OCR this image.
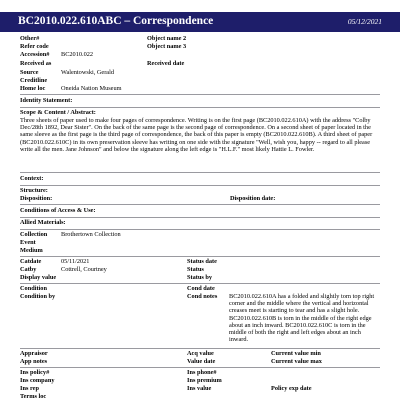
BC2010.022.610ABC – Correspondence	05/12/2021
Other#	Object name 2
Refer code	Object name 3
Accession# BC2010.022
Received as	Received date
Source	Walentowski, Gerald
Creditline
Home loc Oneida Nation Museum
Identity Statement:
Scope & Content / Abstract:
Three sheets of paper used to make four pages of correspondence. Writing is on the first page (BC2010.022.610A) with the address "Colby Dec/28th 1892, Dear Sister". On the back of the same page is the second page of correspondence. On a second sheet of paper located in the same sleeve as the first page is the third page of correspondence, the back of this paper is empty (BC2010.022.610B). A third sheet of paper (BC2010.022.610C) in its own preservation sleeve has writing on one side with the signature "Well, wish you, happy -- regard to all please write all the men. Jane Johnson" and below the signature along the left edge is "H.L.F." most likely Hattie L. Fowler.
Context:
Structure:
Disposition:	Disposition date:
Conditions of Access & Use:
Allied Materials:
Collection Brothertown Collection
Event
Medium
Catdate	05/11/2021	Status date
Catby	Cottrell, Courtney	Status
Display value	Status by
Condition	Cond date
Condition by	Cond notes BC2010.022.610A has a folded and slightly torn top right corner and the middle where the vertical and horizontal creases meet is starting to tear and has a slight hole. BC2010.022.610B is torn in the middle of the right edge about an inch inward. BC2010.022.610C is torn in the middle of both the right and left edges about an inch inward.
Appraisor	Acq value	Current value min
App notes	Value date	Current value max
Ins policy#	Ins phone#
Ins company	Ins premium
Ins rep	Ins value	Policy exp date
Terms loc
